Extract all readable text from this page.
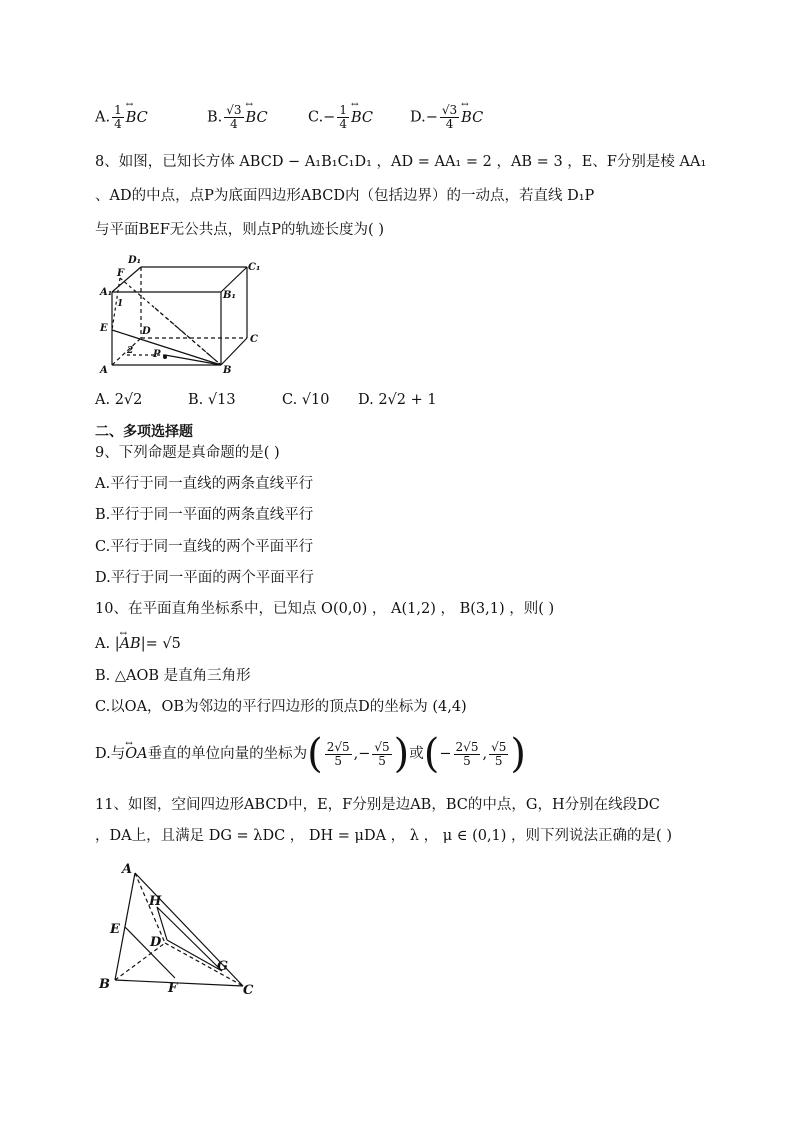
A. $\frac{1}{4}$ ↔ BC	B. $\frac{√3}{4}$ ↔ BC	$C.- \frac{1}{4}$ ↔ BC	$D.- \frac{√3}{4}$ ↔ BC
8、如图，已知长方体 ABCD − A₁B₁C₁D₁ ，AD = AA₁ = 2 ，AB = 3 ，E、F分别是棱 AA₁
、AD的中点，点P为底面四边形ABCD内（包括边界）的一动点，若直线 D₁P
与平面BEF无公共点，则点P的轨迹长度为( )
D₁
C₁
F
A₁	B₁
E	D
C
A
P
B
2
1
A. 2√2	B. √13	C. √10 D. 2√2 + 1
二、多项选择题
9、下列命题是真命题的是( )
A.平行于同一直线的两条直线平行
B.平行于同一平面的两条直线平行
C.平行于同一直线的两个平面平行
D.平行于同一平面的两个平面平行
10、在平面直角坐标系中，已知点 O(0,0) ， A(1,2) ， B(3,1) ，则( )
A. |↔ AB|= √5
B. △AOB 是直角三角形
C.以OA，OB为邻边的平行四边形的顶点D的坐标为 (4,4)
D.与↔ OA垂直的单位向量的坐标为( $\frac{2√5}{5}$ ,− $\frac{√5}{5}$ )或(− $\frac{2√5}{5}$ , $\frac{√5}{5}$ )
11、如图，空间四边形ABCD中，E，F分别是边AB，BC的中点，G，H分别在线段DC
，DA上，且满足 DG = λDC ， DH = μDA ， λ ， μ ∈ (0,1) ，则下列说法正确的是( )
A
H
E
D
G
B	F	C
